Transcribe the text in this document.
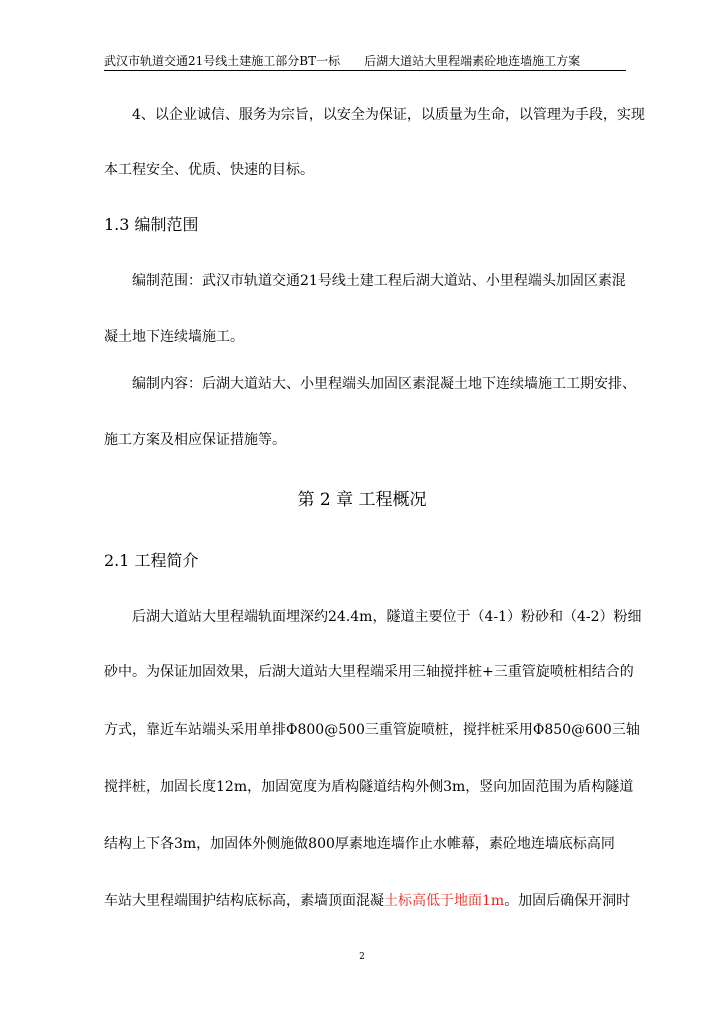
武汉市轨道交通21号线土建施工部分BT一标 后湖大道站大里程端素砼地连墙施工方案
4、以企业诚信、服务为宗旨，以安全为保证，以质量为生命，以管理为手段，实现
本工程安全、优质、快速的目标。
1.3 编制范围
编制范围：武汉市轨道交通21号线土建工程后湖大道站、小里程端头加固区素混
凝土地下连续墙施工。
编制内容：后湖大道站大、小里程端头加固区素混凝土地下连续墙施工工期安排、
施工方案及相应保证措施等。
第 2 章 工程概况
2.1 工程简介
后湖大道站大里程端轨面埋深约24.4m，隧道主要位于（4-1）粉砂和（4-2）粉细
砂中。为保证加固效果，后湖大道站大里程端采用三轴搅拌桩+三重管旋喷桩相结合的
方式，靠近车站端头采用单排Φ800@500三重管旋喷桩，搅拌桩采用Φ850@600三轴
搅拌桩，加固长度12m，加固宽度为盾构隧道结构外侧3m，竖向加固范围为盾构隧道
结构上下各3m，加固体外侧施做800厚素地连墙作止水帷幕，素砼地连墙底标高同
车站大里程端围护结构底标高，素墙顶面混凝土标高低于地面1m。加固后确保开洞时
2
